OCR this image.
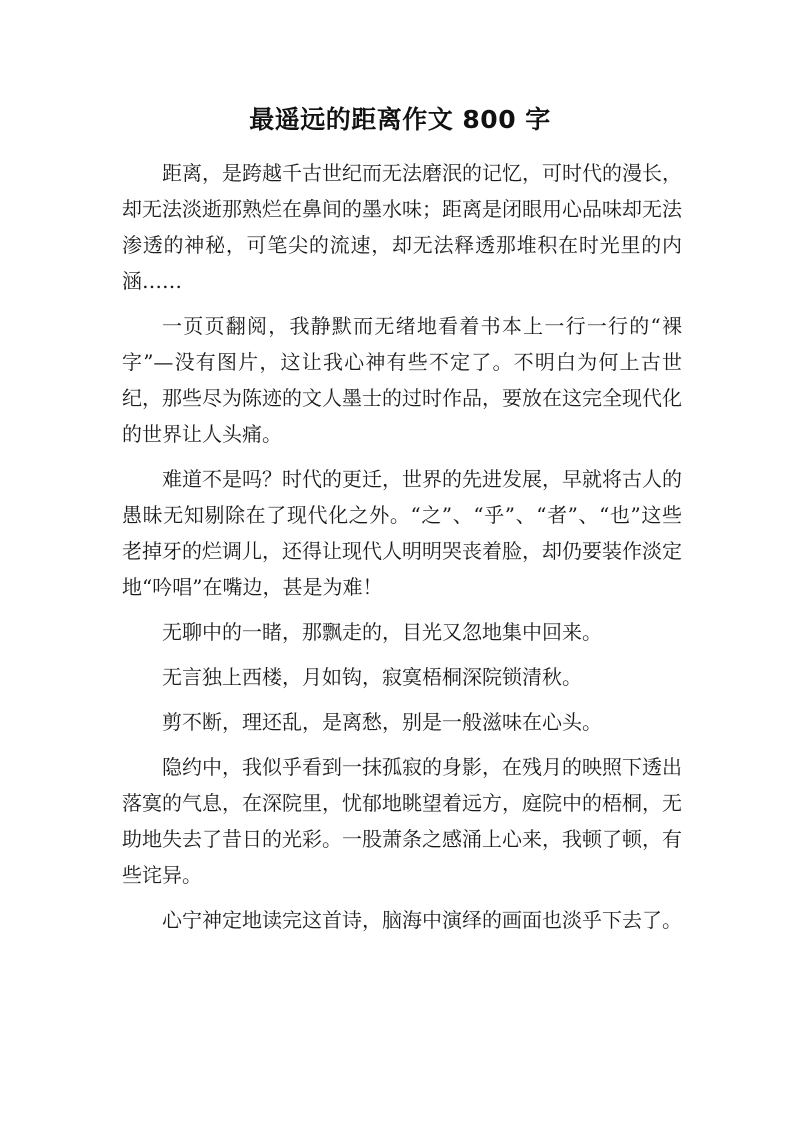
最遥远的距离作文 800 字

距离，是跨越千古世纪而无法磨泯的记忆，可时代的漫长，却无法淡逝那熟烂在鼻间的墨水味；距离是闭眼用心品味却无法渗透的神秘，可笔尖的流速，却无法释透那堆积在时光里的内涵……

一页页翻阅，我静默而无绪地看着书本上一行一行的“裸字”—没有图片，这让我心神有些不定了。不明白为何上古世纪，那些尽为陈迹的文人墨士的过时作品，要放在这完全现代化的世界让人头痛。

难道不是吗？时代的更迁，世界的先进发展，早就将古人的愚昧无知剔除在了现代化之外。“之”、“乎”、“者”、“也”这些老掉牙的烂调儿，还得让现代人明明哭丧着脸，却仍要装作淡定地“吟唱”在嘴边，甚是为难！

无聊中的一睹，那飘走的，目光又忽地集中回来。

无言独上西楼，月如钩，寂寞梧桐深院锁清秋。

剪不断，理还乱，是离愁，别是一般滋味在心头。

隐约中，我似乎看到一抹孤寂的身影，在残月的映照下透出落寞的气息，在深院里，忧郁地眺望着远方，庭院中的梧桐，无助地失去了昔日的光彩。一股萧条之感涌上心来，我顿了顿，有些诧异。

心宁神定地读完这首诗，脑海中演绎的画面也淡乎下去了。
